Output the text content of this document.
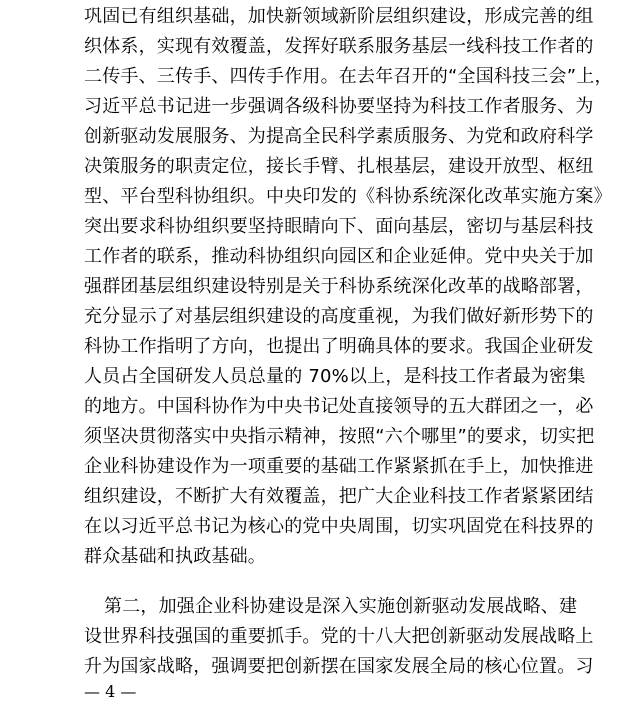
巩固已有组织基础，加快新领域新阶层组织建设，形成完善的组
织体系，实现有效覆盖，发挥好联系服务基层一线科技工作者的
二传手、三传手、四传手作用。在去年召开的“全国科技三会”上，
习近平总书记进一步强调各级科协要坚持为科技工作者服务、为
创新驱动发展服务、为提高全民科学素质服务、为党和政府科学
决策服务的职责定位，接长手臂、扎根基层，建设开放型、枢纽
型、平台型科协组织。中央印发的《科协系统深化改革实施方案》
突出要求科协组织要坚持眼睛向下、面向基层，密切与基层科技
工作者的联系，推动科协组织向园区和企业延伸。党中央关于加
强群团基层组织建设特别是关于科协系统深化改革的战略部署，
充分显示了对基层组织建设的高度重视，为我们做好新形势下的
科协工作指明了方向，也提出了明确具体的要求。我国企业研发
人员占全国研发人员总量的 70%以上，是科技工作者最为密集
的地方。中国科协作为中央书记处直接领导的五大群团之一，必
须坚决贯彻落实中央指示精神，按照“六个哪里”的要求，切实把
企业科协建设作为一项重要的基础工作紧紧抓在手上，加快推进
组织建设，不断扩大有效覆盖，把广大企业科技工作者紧紧团结
在以习近平总书记为核心的党中央周围，切实巩固党在科技界的
群众基础和执政基础。
第二，加强企业科协建设是深入实施创新驱动发展战略、建
设世界科技强国的重要抓手。党的十八大把创新驱动发展战略上
升为国家战略，强调要把创新摆在国家发展全局的核心位置。习
— 4 —
